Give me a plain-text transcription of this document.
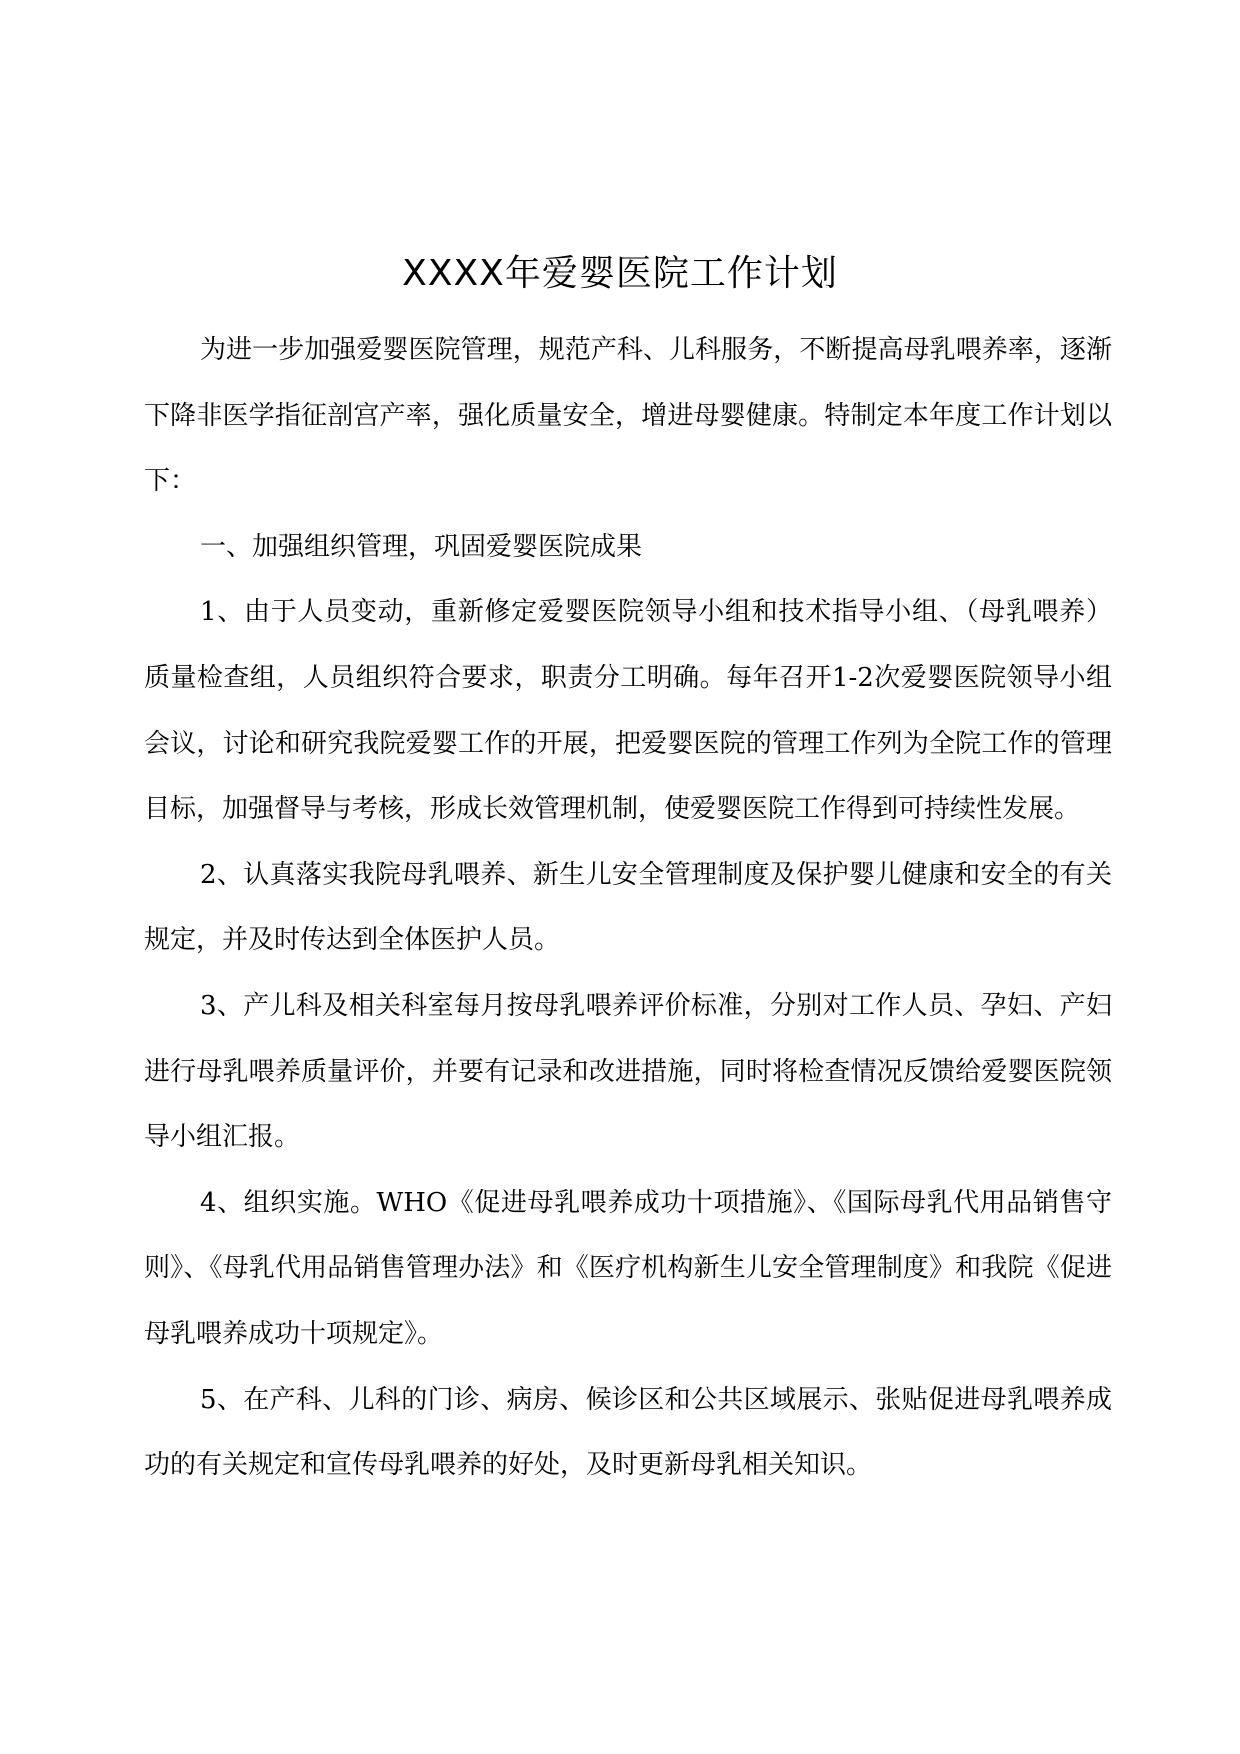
XXXX年爱婴医院工作计划

为进一步加强爱婴医院管理，规范产科、儿科服务，不断提高母乳喂养率，逐渐下降非医学指征剖宫产率，强化质量安全，增进母婴健康。特制定本年度工作计划以下：

一、加强组织管理，巩固爱婴医院成果

1、由于人员变动，重新修定爱婴医院领导小组和技术指导小组、（母乳喂养）质量检查组，人员组织符合要求，职责分工明确。每年召开1-2次爱婴医院领导小组会议，讨论和研究我院爱婴工作的开展，把爱婴医院的管理工作列为全院工作的管理目标，加强督导与考核，形成长效管理机制，使爱婴医院工作得到可持续性发展。

2、认真落实我院母乳喂养、新生儿安全管理制度及保护婴儿健康和安全的有关规定，并及时传达到全体医护人员。

3、产儿科及相关科室每月按母乳喂养评价标准，分别对工作人员、孕妇、产妇进行母乳喂养质量评价，并要有记录和改进措施，同时将检查情况反馈给爱婴医院领导小组汇报。

4、组织实施。WHO《促进母乳喂养成功十项措施》、《国际母乳代用品销售守则》、《母乳代用品销售管理办法》和《医疗机构新生儿安全管理制度》和我院《促进母乳喂养成功十项规定》。

5、在产科、儿科的门诊、病房、候诊区和公共区域展示、张贴促进母乳喂养成功的有关规定和宣传母乳喂养的好处，及时更新母乳相关知识。
